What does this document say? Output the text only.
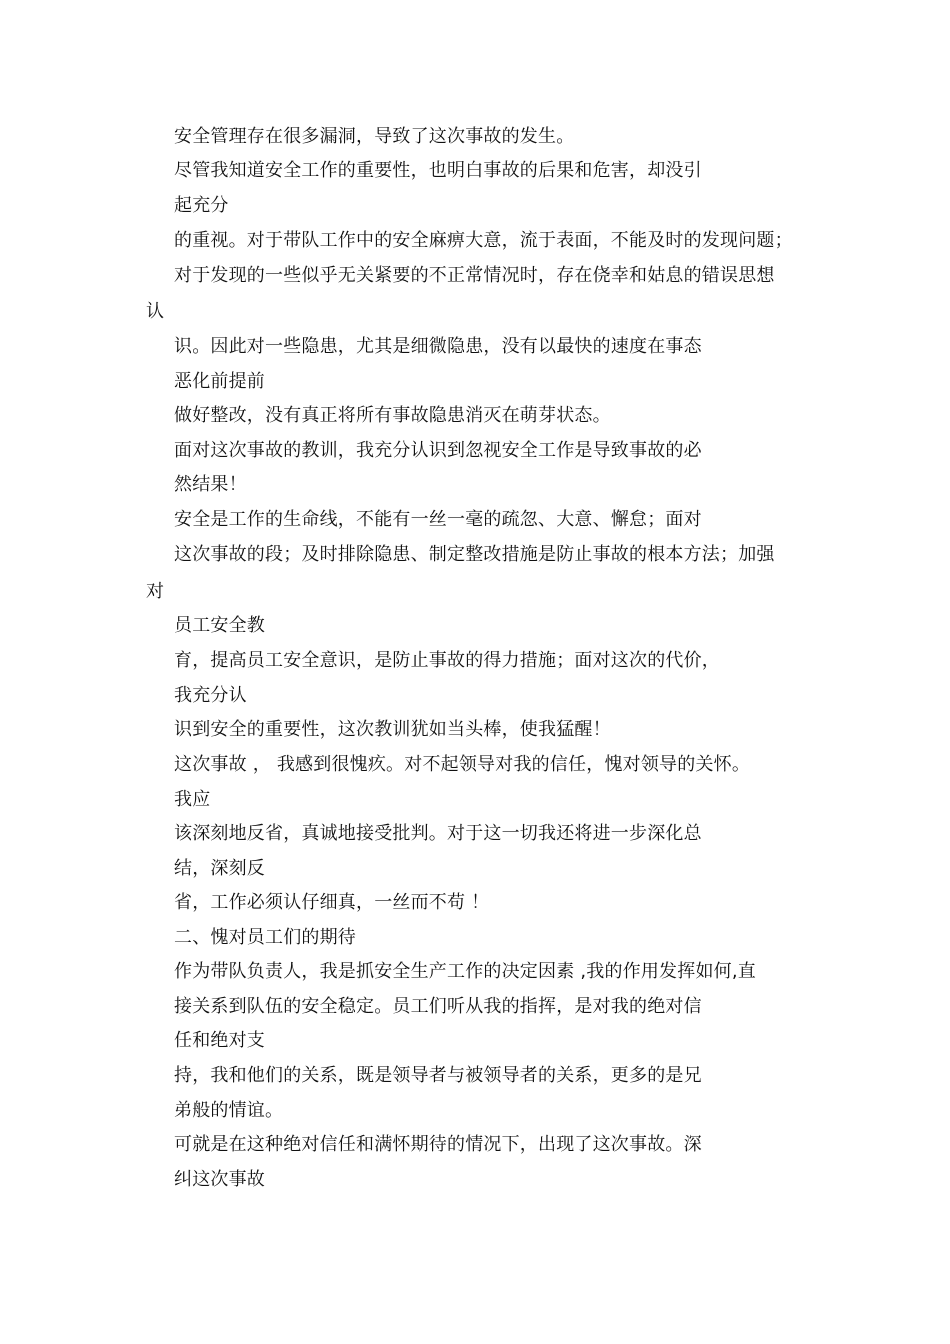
安全管理存在很多漏洞，导致了这次事故的发生。
尽管我知道安全工作的重要性，也明白事故的后果和危害，却没引
起充分
的重视。对于带队工作中的安全麻痹大意，流于表面，不能及时的发现问题；
对于发现的一些似乎无关紧要的不正常情况时，存在侥幸和姑息的错误思想
认
识。因此对一些隐患，尤其是细微隐患，没有以最快的速度在事态
恶化前提前
做好整改，没有真正将所有事故隐患消灭在萌芽状态。
面对这次事故的教训，我充分认识到忽视安全工作是导致事故的必
然结果！
安全是工作的生命线，不能有一丝一毫的疏忽、大意、懈怠；面对
这次事故的段；及时排除隐患、制定整改措施是防止事故的根本方法；加强
对
员工安全教
育，提高员工安全意识，是防止事故的得力措施；面对这次的代价，
我充分认
识到安全的重要性，这次教训犹如当头棒，使我猛醒！
这次事故 ， 我感到很愧疚。对不起领导对我的信任，愧对领导的关怀。
我应
该深刻地反省，真诚地接受批判。对于这一切我还将进一步深化总
结，深刻反
省，工作必须认仔细真，一丝而不苟 ！
二、愧对员工们的期待
作为带队负责人，我是抓安全生产工作的决定因素 ,我的作用发挥如何,直
接关系到队伍的安全稳定。员工们听从我的指挥，是对我的绝对信
任和绝对支
持，我和他们的关系，既是领导者与被领导者的关系，更多的是兄
弟般的情谊。
可就是在这种绝对信任和满怀期待的情况下，出现了这次事故。深
纠这次事故
